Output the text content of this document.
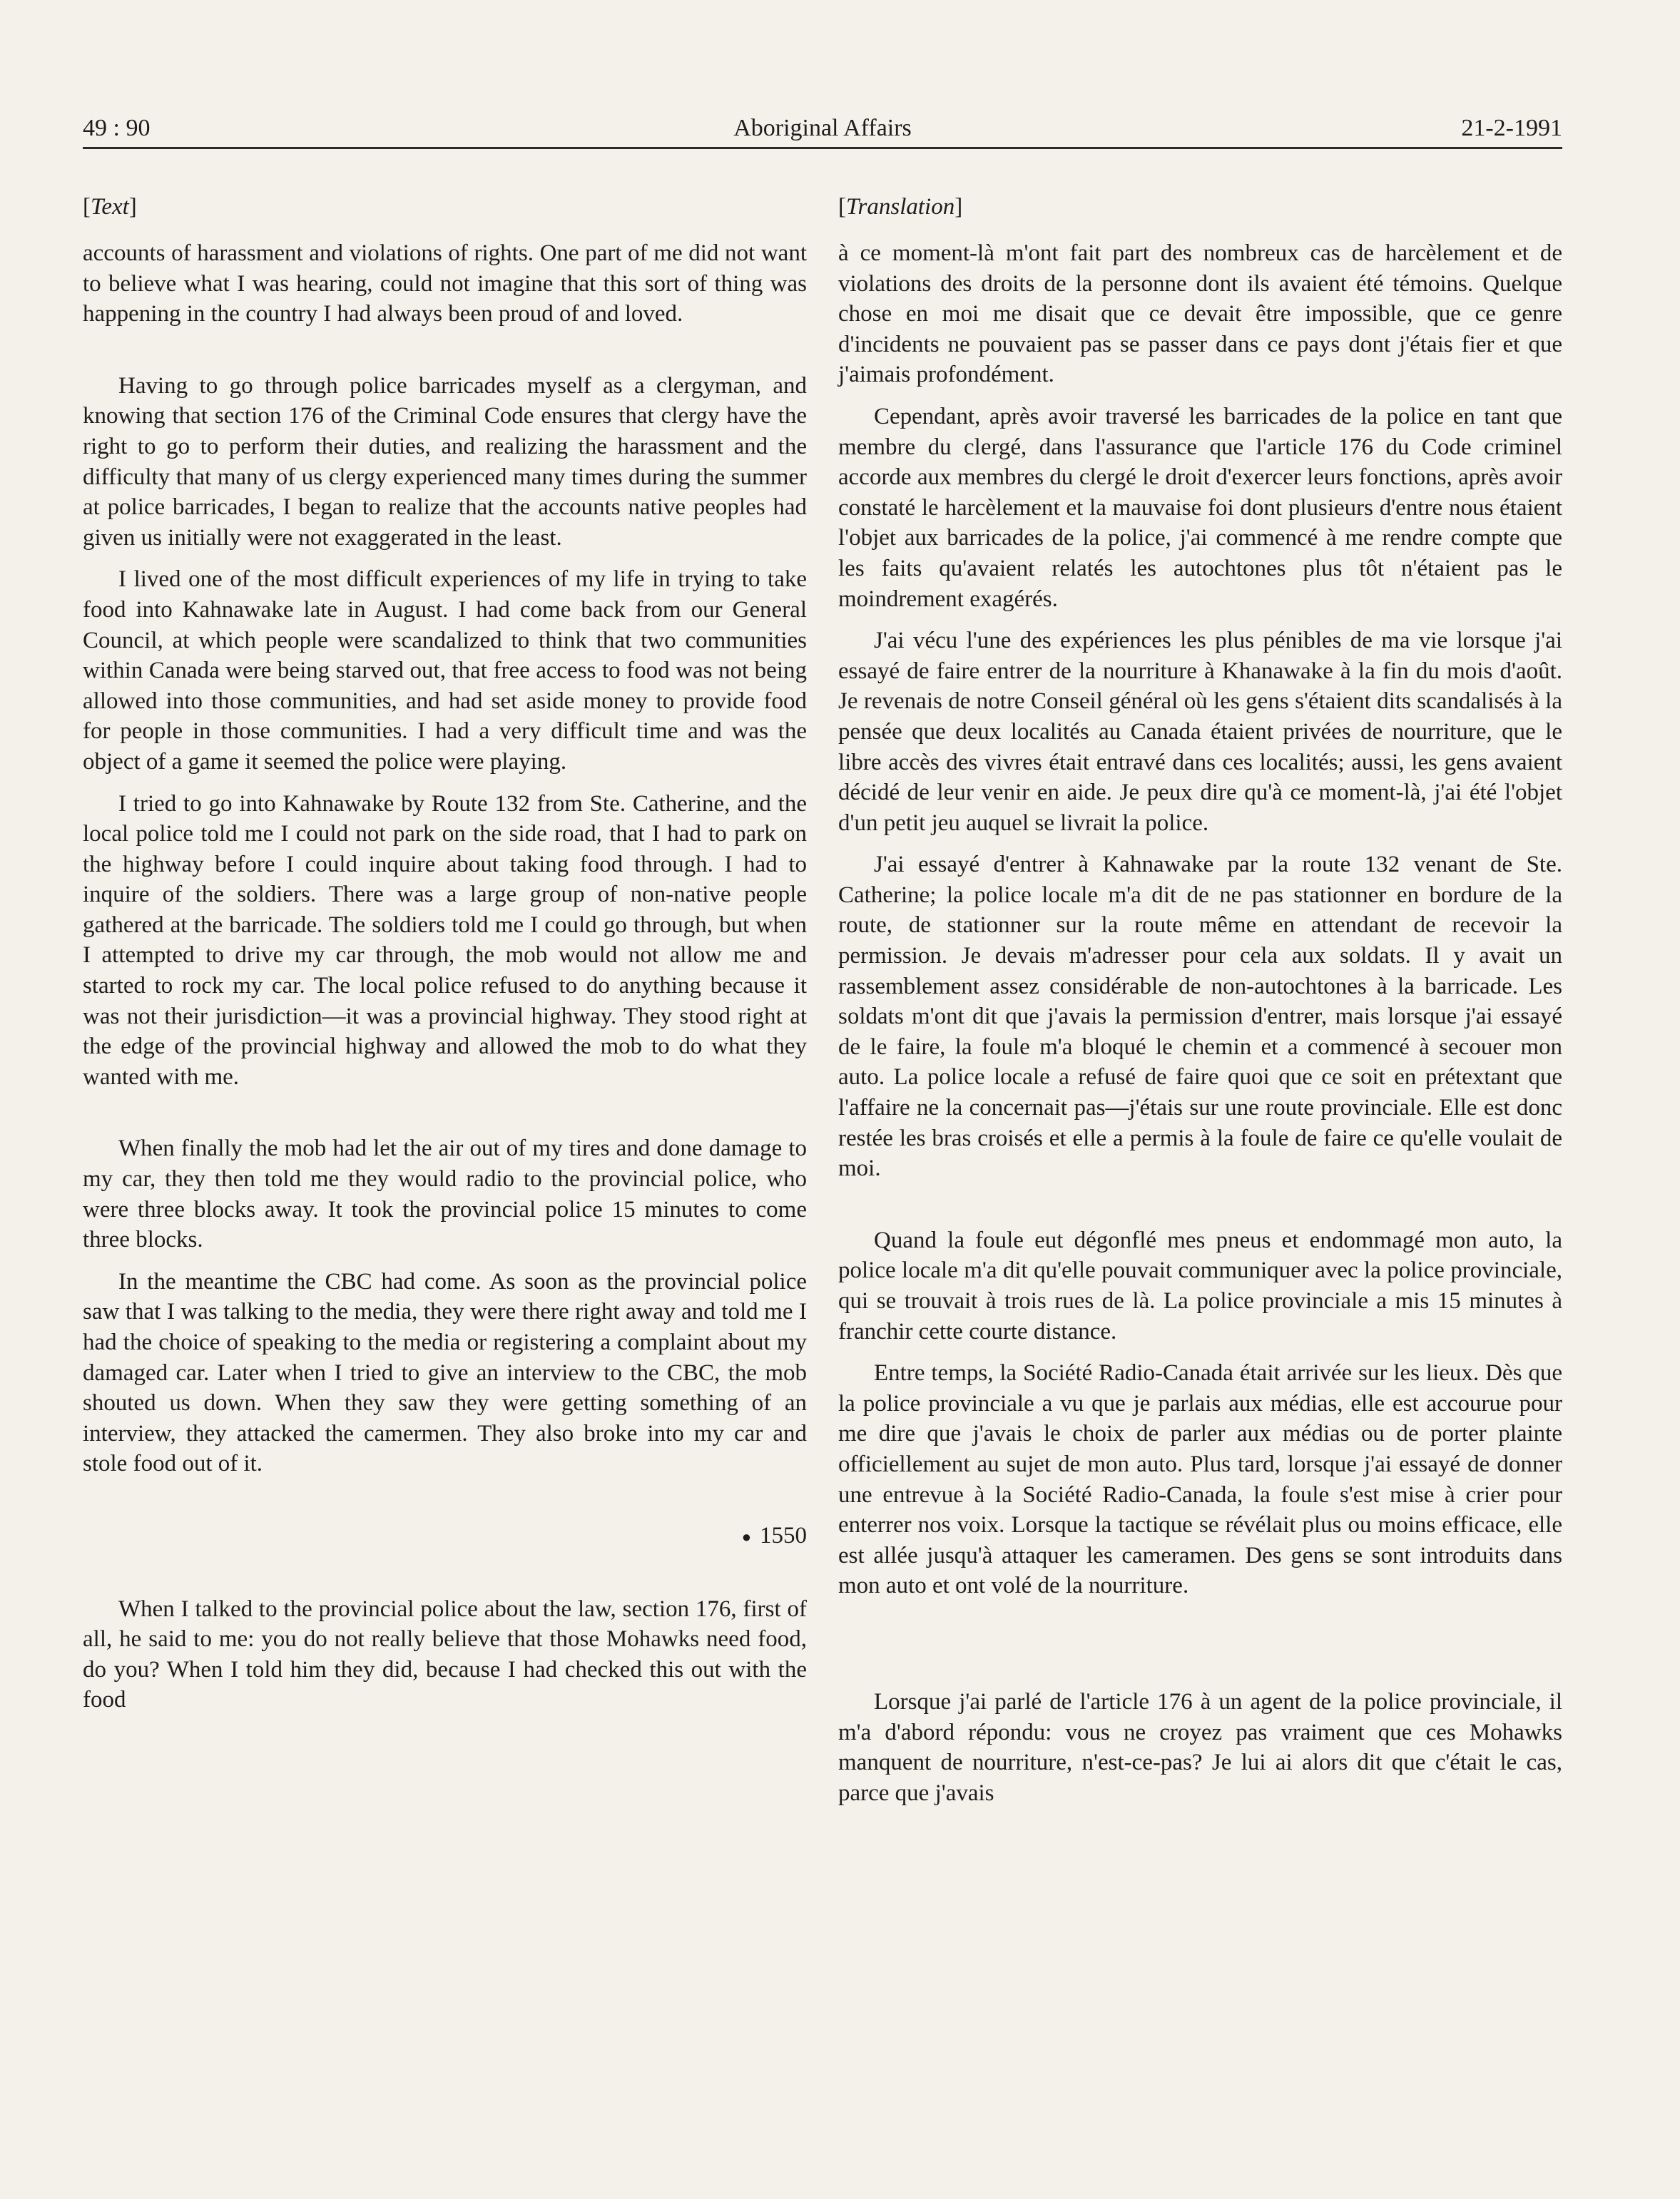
49 : 90	Aboriginal Affairs	21-2-1991
[Text]

accounts of harassment and violations of rights. One part of me did not want to believe what I was hearing, could not imagine that this sort of thing was happening in the country I had always been proud of and loved.

Having to go through police barricades myself as a clergyman, and knowing that section 176 of the Criminal Code ensures that clergy have the right to go to perform their duties, and realizing the harassment and the difficulty that many of us clergy experienced many times during the summer at police barricades, I began to realize that the accounts native peoples had given us initially were not exaggerated in the least.

I lived one of the most difficult experiences of my life in trying to take food into Kahnawake late in August. I had come back from our General Council, at which people were scandalized to think that two communities within Canada were being starved out, that free access to food was not being allowed into those communities, and had set aside money to provide food for people in those communities. I had a very difficult time and was the object of a game it seemed the police were playing.

I tried to go into Kahnawake by Route 132 from Ste. Catherine, and the local police told me I could not park on the side road, that I had to park on the highway before I could inquire about taking food through. I had to inquire of the soldiers. There was a large group of non-native people gathered at the barricade. The soldiers told me I could go through, but when I attempted to drive my car through, the mob would not allow me and started to rock my car. The local police refused to do anything because it was not their jurisdiction—it was a provincial highway. They stood right at the edge of the provincial highway and allowed the mob to do what they wanted with me.

When finally the mob had let the air out of my tires and done damage to my car, they then told me they would radio to the provincial police, who were three blocks away. It took the provincial police 15 minutes to come three blocks.

In the meantime the CBC had come. As soon as the provincial police saw that I was talking to the media, they were there right away and told me I had the choice of speaking to the media or registering a complaint about my damaged car. Later when I tried to give an interview to the CBC, the mob shouted us down. When they saw they were getting something of an interview, they attacked the camermen. They also broke into my car and stole food out of it.

● 1550

When I talked to the provincial police about the law, section 176, first of all, he said to me: you do not really believe that those Mohawks need food, do you? When I told him they did, because I had checked this out with the food

[Translation]

à ce moment-là m'ont fait part des nombreux cas de harcèlement et de violations des droits de la personne dont ils avaient été témoins. Quelque chose en moi me disait que ce devait être impossible, que ce genre d'incidents ne pouvaient pas se passer dans ce pays dont j'étais fier et que j'aimais profondément.

Cependant, après avoir traversé les barricades de la police en tant que membre du clergé, dans l'assurance que l'article 176 du Code criminel accorde aux membres du clergé le droit d'exercer leurs fonctions, après avoir constaté le harcèlement et la mauvaise foi dont plusieurs d'entre nous étaient l'objet aux barricades de la police, j'ai commencé à me rendre compte que les faits qu'avaient relatés les autochtones plus tôt n'étaient pas le moindrement exagérés.

J'ai vécu l'une des expériences les plus pénibles de ma vie lorsque j'ai essayé de faire entrer de la nourriture à Khanawake à la fin du mois d'août. Je revenais de notre Conseil général où les gens s'étaient dits scandalisés à la pensée que deux localités au Canada étaient privées de nourriture, que le libre accès des vivres était entravé dans ces localités; aussi, les gens avaient décidé de leur venir en aide. Je peux dire qu'à ce moment-là, j'ai été l'objet d'un petit jeu auquel se livrait la police.

J'ai essayé d'entrer à Kahnawake par la route 132 venant de Ste. Catherine; la police locale m'a dit de ne pas stationner en bordure de la route, de stationner sur la route même en attendant de recevoir la permission. Je devais m'adresser pour cela aux soldats. Il y avait un rassemblement assez considérable de non-autochtones à la barricade. Les soldats m'ont dit que j'avais la permission d'entrer, mais lorsque j'ai essayé de le faire, la foule m'a bloqué le chemin et a commencé à secouer mon auto. La police locale a refusé de faire quoi que ce soit en prétextant que l'affaire ne la concernait pas—j'étais sur une route provinciale. Elle est donc restée les bras croisés et elle a permis à la foule de faire ce qu'elle voulait de moi.

Quand la foule eut dégonflé mes pneus et endommagé mon auto, la police locale m'a dit qu'elle pouvait communiquer avec la police provinciale, qui se trouvait à trois rues de là. La police provinciale a mis 15 minutes à franchir cette courte distance.

Entre temps, la Société Radio-Canada était arrivée sur les lieux. Dès que la police provinciale a vu que je parlais aux médias, elle est accourue pour me dire que j'avais le choix de parler aux médias ou de porter plainte officiellement au sujet de mon auto. Plus tard, lorsque j'ai essayé de donner une entrevue à la Société Radio-Canada, la foule s'est mise à crier pour enterrer nos voix. Lorsque la tactique se révélait plus ou moins efficace, elle est allée jusqu'à attaquer les cameramen. Des gens se sont introduits dans mon auto et ont volé de la nourriture.

Lorsque j'ai parlé de l'article 176 à un agent de la police provinciale, il m'a d'abord répondu: vous ne croyez pas vraiment que ces Mohawks manquent de nourriture, n'est-ce-pas? Je lui ai alors dit que c'était le cas, parce que j'avais
